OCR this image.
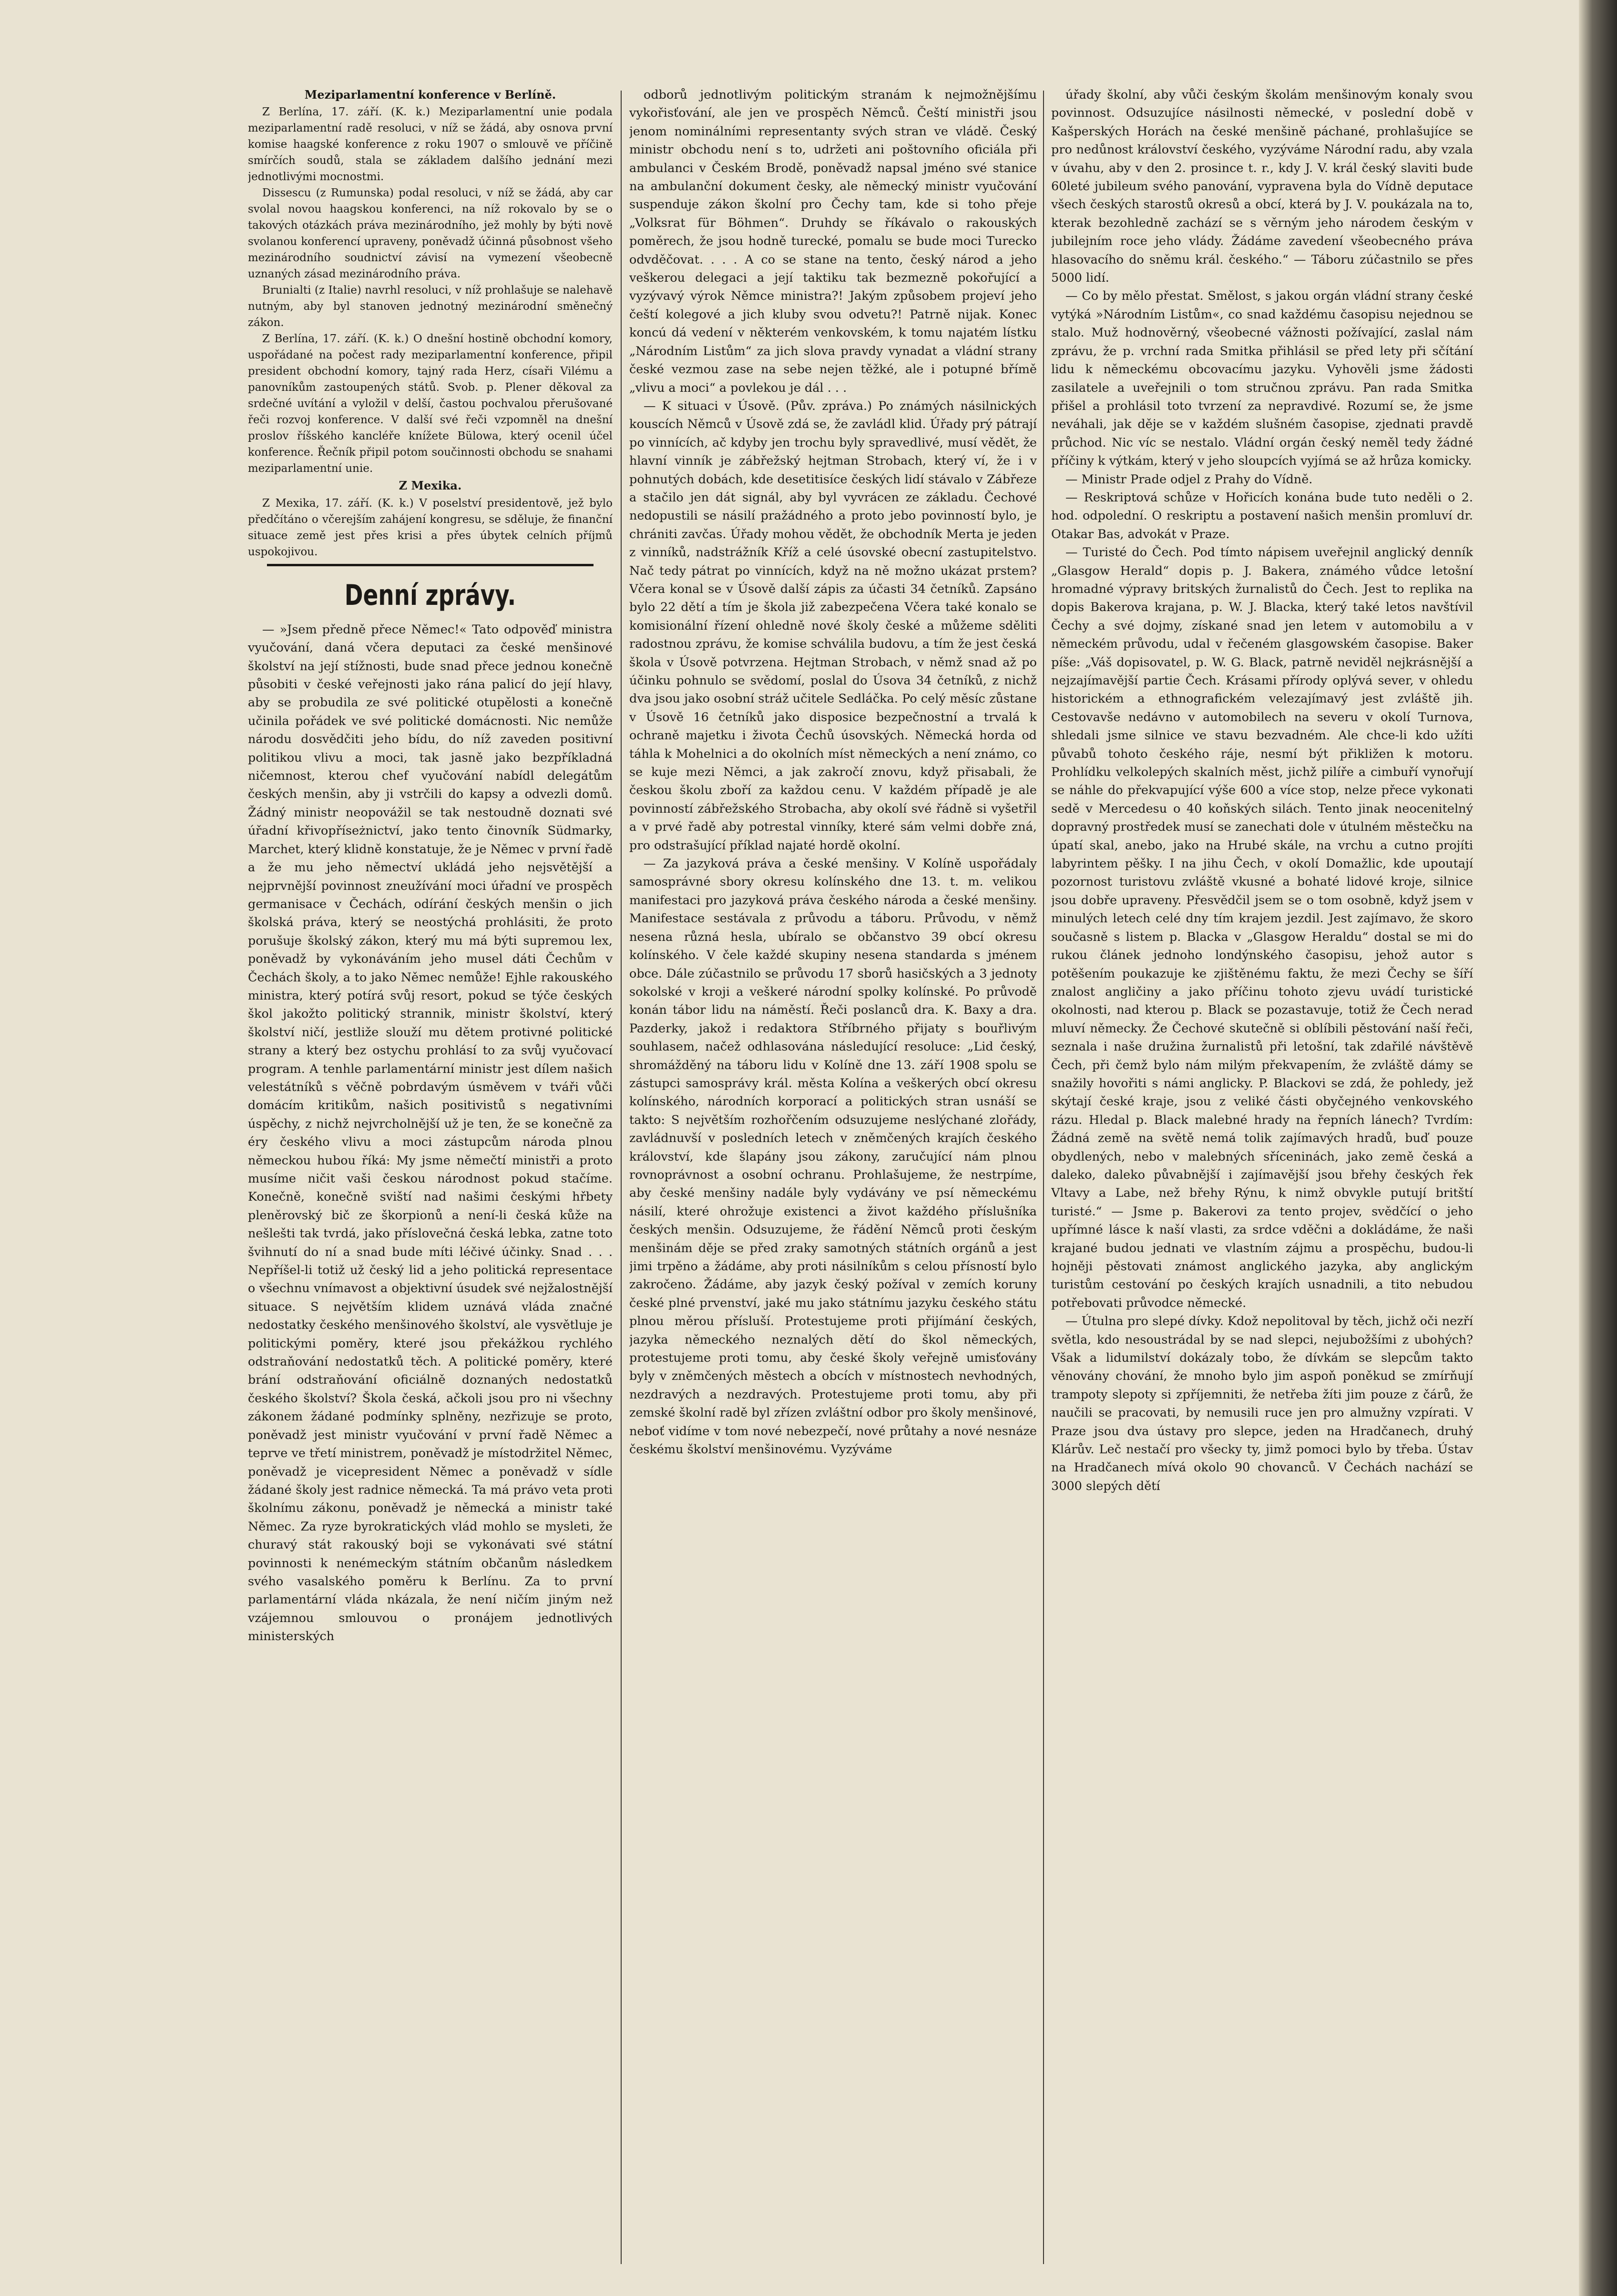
Meziparlamentní konference v Berlíně.

Z Berlína, 17. září. (K. k.) Meziparlamentní unie podala meziparlamentní radě resoluci, v níž se žádá, aby osnova první komise haagské konference z roku 1907 o smlouvě ve příčině smírčích soudů, stala se základem dalšího jednání mezi jednotlivými mocnostmi.

Dissescu (z Rumunska) podal resoluci, v níž se žádá, aby car svolal novou haagskou konferenci, na níž rokovalo by se o takových otázkách práva mezinárodního, jež mohly by býti nově svolanou konferencí upraveny, poněvadž účinná působnost všeho mezinárodního soudnictví závisí na vymezení všeobecně uznaných zásad mezinárodního práva.

Brunialti (z Italie) navrhl resoluci, v níž prohlašuje se nalehavě nutným, aby byl stanoven jednotný mezinárodní směnečný zákon.

Z Berlína, 17. září. (K. k.) O dnešní hostině obchodní komory, uspořádané na počest rady meziparlamentní konference, připil president obchodní komory, tajný rada Herz, císaři Vilému a panovníkům zastoupených států. Svob. p. Plener děkoval za srdečné uvítání a vyložil v delší, častou pochvalou přerušované řeči rozvoj konference. V další své řeči vzpomněl na dnešní proslov říšského kancléře knížete Bülowa, který ocenil účel konference. Řečník připil potom součinnosti obchodu se snahami meziparlamentní unie.

Z Mexika.

Z Mexika, 17. září. (K. k.) V poselství presidentově, jež bylo předčítáno o včerejším zahájení kongresu, se sděluje, že finanční situace země jest přes krisi a přes úbytek celních příjmů uspokojivou.

Denní zprávy.

— »Jsem předně přece Němec!« Tato odpověď ministra vyučování, daná včera deputaci za české menšinové školství na její stížnosti, bude snad přece jednou konečně působiti v české veřejnosti jako rána palicí do její hlavy, aby se probudila ze své politické otupělosti a konečně učinila pořádek ve své politické domácnosti. Nic nemůže národu dosvědčiti jeho bídu, do níž zaveden positivní politikou vlivu a moci, tak jasně jako bezpříkladná ničemnost, kterou chef vyučování nabídl delegátům českých menšin, aby ji vstrčili do kapsy a odvezli domů. Žádný ministr neopovážil se tak nestoudně doznati své úřadní křivopříseżnictví, jako tento činovník Südmarky, Marchet, který klidně konstatuje, že je Němec v první řadě a že mu jeho němectví ukládá jeho nejsvětější a nejprvnější povinnost zneužívání moci úřadní ve prospěch germanisace v Čechách, odírání českých menšin o jich školská práva, který se neostýchá prohlásiti, že proto porušuje školský zákon, který mu má býti supremou lex, poněvadž by vykonáváním jeho musel dáti Čechům v Čechách školy, a to jako Němec nemůže! Ejhle rakouského ministra, který potírá svůj resort, pokud se týče českých škol jakožto politický strannik, ministr školství, který školství ničí, jestliže slouží mu dětem protivné politické strany a který bez ostychu prohlásí to za svůj vyučovací program. A tenhle parlamentární ministr jest dílem našich velestátníků s věčně pobrdavým úsměvem v tváři vůči domácím kritikům, našich positivistů s negativními úspěchy, z nichž nejvrcholnější už je ten, že se konečně za éry českého vlivu a moci zástupcům národa plnou německou hubou říká: My jsme němečtí ministři a proto musíme ničit vaši českou národnost pokud stačíme. Konečně, konečně sviští nad našimi českými hřbety pleněrovský bič ze škorpionů a není-li česká kůže na nešlešti tak tvrdá, jako příslovečná česká lebka, zatne toto švihnutí do ní a snad bude míti léčivé účinky. Snad . . . Nepříšel-li totiž už český lid a jeho politická representace o všechnu vnímavost a objektivní úsudek své nejžalostnější situace. S největším klidem uznává vláda značné nedostatky českého menšinového školství, ale vysvětluje je politickými poměry, které jsou překážkou rychlého odstraňování nedostatků těch. A politické poměry, které brání odstraňování oficiálně doznaných nedostatků českého školství? Škola česká, ačkoli jsou pro ni všechny zákonem žádané podmínky splněny, nezřizuje se proto, poněvadž jest ministr vyučování v první řadě Němec a teprve ve třetí ministrem, poněvadž je místodržitel Němec, poněvadž je vicepresident Němec a poněvadž v sídle žádané školy jest radnice německá. Ta má právo veta proti školnímu zákonu, poněvadž je německá a ministr také Němec. Za ryze byrokratických vlád mohlo se mysleti, že churavý stát rakouský boji se vykonávati své státní povinnosti k nenémeckým státním občanům následkem svého vasalského poměru k Berlínu. Za to první parlamentární vláda nkázala, že není ničím jiným než vzájemnou smlouvou o pronájem jednotlivých ministerských

odborů jednotlivým politickým stranám k nejmožnějšímu vykořisťování, ale jen ve prospěch Němců. Čeští ministři jsou jenom nominálními representanty svých stran ve vládě. Český ministr obchodu není s to, udržeti ani poštovního oficiála při ambulanci v Českém Brodě, poněvadž napsal jméno své stanice na ambulanční dokument česky, ale německý ministr vyučování suspenduje zákon školní pro Čechy tam, kde si toho přeje „Volksrat für Böhmen“. Druhdy se říkávalo o rakouských poměrech, že jsou hodně turecké, pomalu se bude moci Turecko odvděčovat. . . . A co se stane na tento, český národ a jeho veškerou delegaci a její taktiku tak bezmezně pokořující a vyzývavý výrok Němce ministra?! Jakým způsobem projeví jeho čeští kolegové a jich kluby svou odvetu?! Patrně nijak. Konec koncú dá vedení v některém venkovském, k tomu najatém lístku „Národním Listům“ za jich slova pravdy vynadat a vládní strany české vezmou zase na sebe nejen těžké, ale i potupné břímě „vlivu a moci“ a povlekou je dál . . .

— K situaci v Úsově. (Pův. zpráva.) Po známých násilnických kouscích Němců v Úsově zdá se, že zavládl klid. Úřady prý pátrají po vinnících, ač kdyby jen trochu byly spravedlivé, musí vědět, že hlavní vinník je zábřežský hejtman Strobach, který ví, že i v pohnutých dobách, kde desetitisíce českých lidí stávalo v Zábřeze a stačilo jen dát signál, aby byl vyvrácen ze základu. Čechové nedopustili se násilí pražádného a proto jebo povinností bylo, je chrániti zavčas. Úřady mohou vědět, že obchodník Merta je jeden z vinníků, nadstrážník Kříž a celé úsovské obecní zastupitelstvo. Nač tedy pátrat po vinnících, když na ně možno ukázat prstem? Včera konal se v Úsově další zápis za účasti 34 četníků. Zapsáno bylo 22 dětí a tím je škola již zabezpečena Včera také konalo se komisionální řízení ohledně nové školy české a můžeme sděliti radostnou zprávu, že komise schválila budovu, a tím že jest česká škola v Úsově potvrzena. Hejtman Strobach, v němž snad až po účinku pohnulo se svědomí, poslal do Úsova 34 četníků, z nichž dva jsou jako osobní stráž učitele Sedláčka. Po celý měsíc zůstane v Úsově 16 četníků jako disposice bezpečnostní a trvalá k ochraně majetku i života Čechů úsovských. Německá horda od táhla k Mohelnici a do okolních míst německých a není známo, co se kuje mezi Němci, a jak zakročí znovu, když přisabali, že českou školu zboří za každou cenu. V každém případě je ale povinností zábřežského Strobacha, aby okolí své řádně si vyšetřil a v prvé řadě aby potrestal vinníky, které sám velmi dobře zná, pro odstrašující příklad najaté hordě okolní.

— Za jazyková práva a české menšiny. V Kolíně uspořádaly samosprávné sbory okresu kolínského dne 13. t. m. velikou manifestaci pro jazyková práva českého národa a české menšiny. Manifestace sestávala z průvodu a táboru. Průvodu, v němž nesena různá hesla, ubíralo se občanstvo 39 obcí okresu kolínského. V čele každé skupiny nesena standarda s jménem obce. Dále zúčastnilo se průvodu 17 sborů hasičských a 3 jednoty sokolské v kroji a veškeré národní spolky kolínské. Po průvodě konán tábor lidu na náměstí. Řeči poslanců dra. K. Baxy a dra. Pazderky, jakož i redaktora Stříbrného přijaty s bouřlivým souhlasem, načež odhlasována následující resoluce: „Lid český, shromážděný na táboru lidu v Kolíně dne 13. září 1908 spolu se zástupci samosprávy král. města Kolína a veškerých obcí okresu kolínského, národních korporací a politických stran usnáší se takto: S největším rozhořčením odsuzujeme neslýchané zlořády, zavládnuvší v posledních letech v zněmčených krajích českého království, kde šlapány jsou zákony, zaručující nám plnou rovnoprávnost a osobní ochranu. Prohlašujeme, že nestrpíme, aby české menšiny nadále byly vydávány ve psí německému násilí, které ohrožuje existenci a život každého příslušníka českých menšin. Odsuzujeme, že řádění Němců proti českým menšinám děje se před zraky samotných státních orgánů a jest jimi trpěno a žádáme, aby proti násilníkům s celou přísností bylo zakročeno. Žádáme, aby jazyk český požíval v zemích koruny české plné prvenství, jaké mu jako státnímu jazyku českého státu plnou měrou přísluší. Protestujeme proti přijímání českých, jazyka německého neznalých dětí do škol německých, protestujeme proti tomu, aby české školy veřejně umisťovány byly v zněmčených městech a obcích v místnostech nevhodných, nezdravých a nezdravých. Protestujeme proti tomu, aby při zemské školní radě byl zřízen zvláštní odbor pro školy menšinové, neboť vidíme v tom nové nebezpečí, nové průtahy a nové nesnáze českému školství menšinovému. Vyzýváme

úřady školní, aby vůči českým školám menšinovým konaly svou povinnost. Odsuzujíce násilnosti německé, v poslední době v Kašperských Horách na české menšině páchané, prohlašujíce se pro nedůnost království českého, vyzýváme Národní radu, aby vzala v úvahu, aby v den 2. prosince t. r., kdy J. V. král český slaviti bude 60leté jubileum svého panování, vypravena byla do Vídně deputace všech českých starostů okresů a obcí, která by J. V. poukázala na to, kterak bezohledně zachází se s věrným jeho národem českým v jubilejním roce jeho vlády. Žádáme zavedení všeobecného práva hlasovacího do sněmu král. českého.“ — Táboru zúčastnilo se přes 5000 lidí.

— Co by mělo přestat. Smělost, s jakou orgán vládní strany české vytýká »Národním Listům«, co snad každému časopisu nejednou se stalo. Muž hodnověrný, všeobecné vážnosti požívající, zaslal nám zprávu, že p. vrchní rada Smitka přihlásil se před lety při sčítání lidu k německému obcovacímu jazyku. Vyhověli jsme žádosti zasilatele a uveřejnili o tom stručnou zprávu. Pan rada Smitka přišel a prohlásil toto tvrzení za nepravdivé. Rozumí se, že jsme neváhali, jak děje se v každém slušném časopise, zjednati pravdě průchod. Nic víc se nestalo. Vládní orgán český neměl tedy žádné příčiny k výtkám, který v jeho sloupcích vyjímá se až hrůza komicky.

— Ministr Prade odjel z Prahy do Vídně.

— Reskriptová schůze v Hořicích konána bude tuto neděli o 2. hod. odpolední. O reskriptu a postavení našich menšin promluví dr. Otakar Bas, advokát v Praze.

— Turisté do Čech. Pod tímto nápisem uveřejnil anglický denník „Glasgow Herald“ dopis p. J. Bakera, známého vůdce letošní hromadné výpravy britských žurnalistů do Čech. Jest to replika na dopis Bakerova krajana, p. W. J. Blacka, který také letos navštívil Čechy a své dojmy, získané snad jen letem v automobilu a v německém průvodu, udal v řečeném glasgowském časopise. Baker píše: „Váš dopisovatel, p. W. G. Black, patrně neviděl nejkrásnější a nejzajímavější partie Čech. Krásami přírody oplývá sever, v ohledu historickém a ethnografickém velezajímavý jest zvláště jih. Cestovavše nedávno v automobilech na severu v okolí Turnova, shledali jsme silnice ve stavu bezvadném. Ale chce-li kdo užíti půvabů tohoto českého ráje, nesmí být přikližen k motoru. Prohlídku velkolepých skalních měst, jichž pilíře a cimbuří vynořují se náhle do překvapující výše 600 a více stop, nelze přece vykonati sedě v Mercedesu o 40 koňských silách. Tento jinak neocenitelný dopravný prostředek musí se zanechati dole v útulném městečku na úpatí skal, anebo, jako na Hrubé skále, na vrchu a cutno projíti labyrintem pěšky. I na jihu Čech, v okolí Domažlic, kde upoutají pozornost turistovu zvláště vkusné a bohaté lidové kroje, silnice jsou dobře upraveny. Přesvědčil jsem se o tom osobně, když jsem v minulých letech celé dny tím krajem jezdil. Jest zajímavo, že skoro současně s listem p. Blacka v „Glasgow Heraldu“ dostal se mi do rukou článek jednoho londýnského časopisu, jehož autor s potěšením poukazuje ke zjištěnému faktu, že mezi Čechy se šíří znalost angličiny a jako příčinu tohoto zjevu uvádí turistické okolnosti, nad kterou p. Black se pozastavuje, totiž že Čech nerad mluví německy. Že Čechové skutečně si oblíbili pěstování naší řeči, seznala i naše družina žurnalistů při letošní, tak zdařilé návštěvě Čech, při čemž bylo nám milým překvapením, že zvláště dámy se snažily hovořiti s námi anglicky. P. Blackovi se zdá, že pohledy, jež skýtají české kraje, jsou z veliké části obyčejného venkovského rázu. Hledal p. Black malebné hrady na řepních lánech? Tvrdím: Žádná země na světě nemá tolik zajímavých hradů, buď pouze obydlených, nebo v malebných sříceninách, jako země česká a daleko, daleko půvabnější i zajímavější jsou břehy českých řek Vltavy a Labe, než břehy Rýnu, k nimž obvykle putují britští turisté.“ — Jsme p. Bakerovi za tento projev, svědčící o jeho upřímné lásce k naší vlasti, za srdce vděčni a dokládáme, že naši krajané budou jednati ve vlastním zájmu a prospěchu, budou-li hojněji pěstovati známost anglického jazyka, aby anglickým turistům cestování po českých krajích usnadnili, a tito nebudou potřebovati průvodce německé.

— Útulna pro slepé dívky. Kdož nepolitoval by těch, jichž oči nezří světla, kdo nesoustrádal by se nad slepci, nejubožšími z ubohých? Však a lidumilství dokázaly tobo, že dívkám se slepcům takto věnovány chování, že mnoho bylo jim aspoň poněkud se zmírňují trampoty slepoty si zpříjemniti, že netřeba žíti jim pouze z čárů, že naučili se pracovati, by nemusili ruce jen pro almužny vzpírati. V Praze jsou dva ústavy pro slepce, jeden na Hradčanech, druhý Klárův. Leč nestačí pro všecky ty, jimž pomoci bylo by třeba. Ústav na Hradčanech mívá okolo 90 chovanců. V Čechách nachází se 3000 slepých dětí
